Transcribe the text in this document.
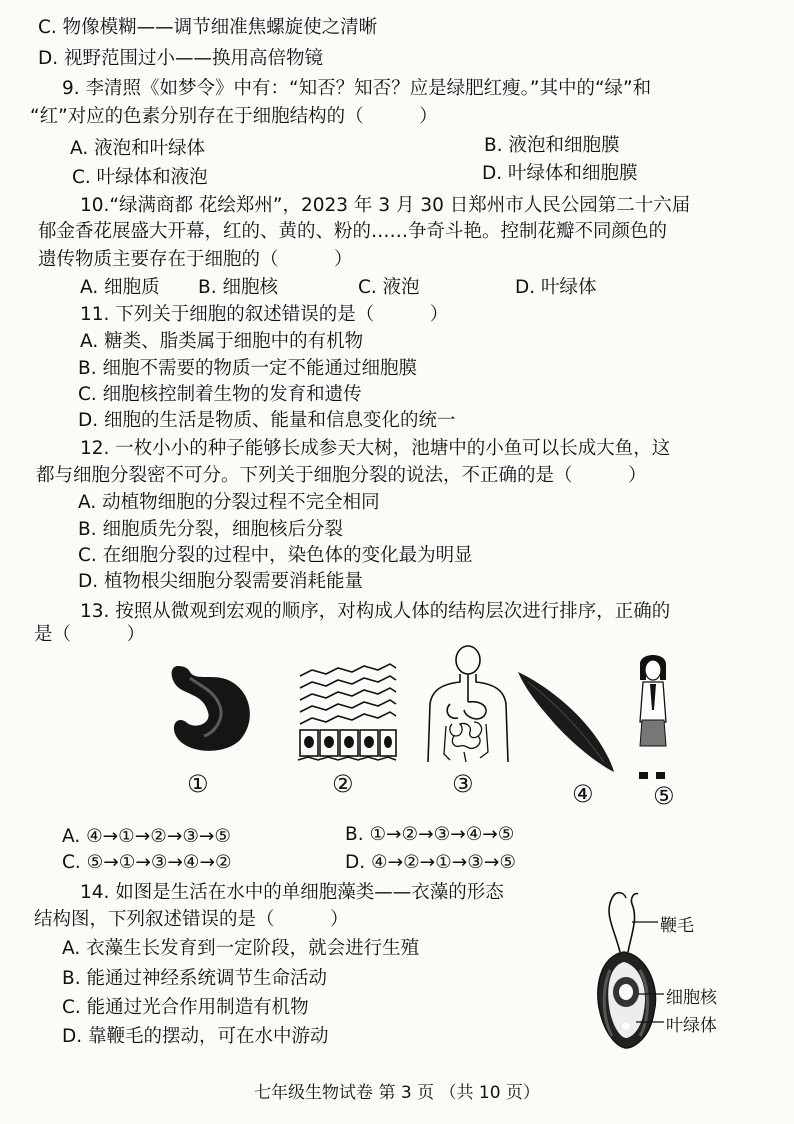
C. 物像模糊——调节细准焦螺旋使之清晰
D. 视野范围过小——换用高倍物镜
9. 李清照《如梦令》中有：“知否？知否？应是绿肥红瘦。”其中的“绿”和
“红”对应的色素分别存在于细胞结构的（　　　）
A. 液泡和叶绿体	B. 液泡和细胞膜
C. 叶绿体和液泡	D. 叶绿体和细胞膜
10.“绿满商都 花绘郑州”，2023 年 3 月 30 日郑州市人民公园第二十六届
郁金香花展盛大开幕，红的、黄的、粉的……争奇斗艳。控制花瓣不同颜色的
遗传物质主要存在于细胞的（　　　）
A. 细胞质 B. 细胞核	C. 液泡	D. 叶绿体
11. 下列关于细胞的叙述错误的是（　　　）
A. 糖类、脂类属于细胞中的有机物
B. 细胞不需要的物质一定不能通过细胞膜
C. 细胞核控制着生物的发育和遗传
D. 细胞的生活是物质、能量和信息变化的统一
12. 一枚小小的种子能够长成参天大树，池塘中的小鱼可以长成大鱼，这
都与细胞分裂密不可分。下列关于细胞分裂的说法，不正确的是（　　　）
A. 动植物细胞的分裂过程不完全相同
B. 细胞质先分裂，细胞核后分裂
C. 在细胞分裂的过程中，染色体的变化最为明显
D. 植物根尖细胞分裂需要消耗能量
13. 按照从微观到宏观的顺序，对构成人体的结构层次进行排序，正确的
是（　　　）
①	②	③	④ ⑤
A. ④→①→②→③→⑤	B. ①→②→③→④→⑤
C. ⑤→①→③→④→②	D. ④→②→①→③→⑤
14. 如图是生活在水中的单细胞藻类——衣藻的形态
结构图，下列叙述错误的是（　　　）
A. 衣藻生长发育到一定阶段，就会进行生殖
B. 能通过神经系统调节生命活动
C. 能通过光合作用制造有机物
D. 靠鞭毛的摆动，可在水中游动
鞭毛
细胞核
叶绿体
七年级生物试卷 第 3 页 （共 10 页）
